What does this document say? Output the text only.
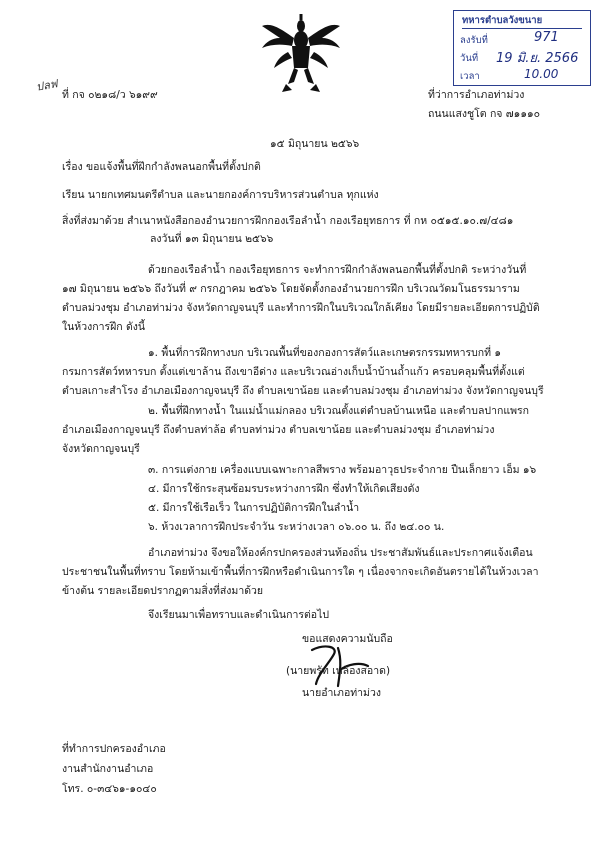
ทหารตำบลวังขนาย
ลงรับที่	971
วันที่ 19 มิ.ย. 2566
เวลา	10.00
ปลฟ
ที่ กจ ๐๒๑๘/ว ๖๑๙๙	ที่ว่าการอำเภอท่าม่วง
ถนนแสงชูโต กจ ๗๑๑๑๐
๑๕ มิถุนายน ๒๕๖๖
เรื่อง ขอแจ้งพื้นที่ฝึกกำลังพลนอกพื้นที่ตั้งปกติ
เรียน นายกเทศมนตรีตำบล และนายกองค์การบริหารส่วนตำบล ทุกแห่ง
สิ่งที่ส่งมาด้วย สำเนาหนังสือกองอำนวยการฝึกกองเรือลำน้ำ กองเรือยุทธการ ที่ กห ๐๕๑๕.๑๐.๗/๔๘๑
ลงวันที่ ๑๓ มิถุนายน ๒๕๖๖
ด้วยกองเรือลำน้ำ กองเรือยุทธการ จะทำการฝึกกำลังพลนอกพื้นที่ตั้งปกติ ระหว่างวันที่
๑๗ มิถุนายน ๒๕๖๖ ถึงวันที่ ๙ กรกฎาคม ๒๕๖๖ โดยจัดตั้งกองอำนวยการฝึก บริเวณวัดมโนธรรมาราม
ตำบลม่วงชุม อำเภอท่าม่วง จังหวัดกาญจนบุรี และทำการฝึกในบริเวณใกล้เคียง โดยมีรายละเอียดการปฏิบัติ
ในห้วงการฝึก ดังนี้
๑. พื้นที่การฝึกทางบก บริเวณพื้นที่ของกองการสัตว์และเกษตรกรรมทหารบกที่ ๑
กรมการสัตว์ทหารบก ตั้งแต่เขาล้าน ถึงเขาอีด่าง และบริเวณอ่างเก็บน้ำบ้านถ้ำแก้ว ครอบคลุมพื้นที่ตั้งแต่
ตำบลเกาะสำโรง อำเภอเมืองกาญจนบุรี ถึง ตำบลเขาน้อย และตำบลม่วงชุม อำเภอท่าม่วง จังหวัดกาญจนบุรี
๒. พื้นที่ฝึกทางน้ำ ในแม่น้ำแม่กลอง บริเวณตั้งแต่ตำบลบ้านเหนือ และตำบลปากแพรก
อำเภอเมืองกาญจนบุรี ถึงตำบลท่าล้อ ตำบลท่าม่วง ตำบลเขาน้อย และตำบลม่วงชุม อำเภอท่าม่วง
จังหวัดกาญจนบุรี
๓. การแต่งกาย เครื่องแบบเฉพาะกาลสีพราง พร้อมอาวุธประจำกาย ปืนเล็กยาว เอ็ม ๑๖
๔. มีการใช้กระสุนซ้อมรบระหว่างการฝึก ซึ่งทำให้เกิดเสียงดัง
๕. มีการใช้เรือเร็ว ในการปฏิบัติการฝึกในลำน้ำ
๖. ห้วงเวลาการฝึกประจำวัน ระหว่างเวลา ๐๖.๐๐ น. ถึง ๒๔.๐๐ น.
อำเภอท่าม่วง จึงขอให้องค์กรปกครองส่วนท้องถิ่น ประชาสัมพันธ์และประกาศแจ้งเตือน
ประชาชนในพื้นที่ทราบ โดยห้ามเข้าพื้นที่การฝึกหรือดำเนินการใด ๆ เนื่องจากจะเกิดอันตรายได้ในห้วงเวลา
ข้างต้น รายละเอียดปรากฏตามสิ่งที่ส่งมาด้วย
จึงเรียนมาเพื่อทราบและดำเนินการต่อไป
ขอแสดงความนับถือ
(นายพรัท เหลืองสอาด)
นายอำเภอท่าม่วง
ที่ทำการปกครองอำเภอ
งานสำนักงานอำเภอ
โทร. ๐-๓๔๖๑-๑๐๔๐
